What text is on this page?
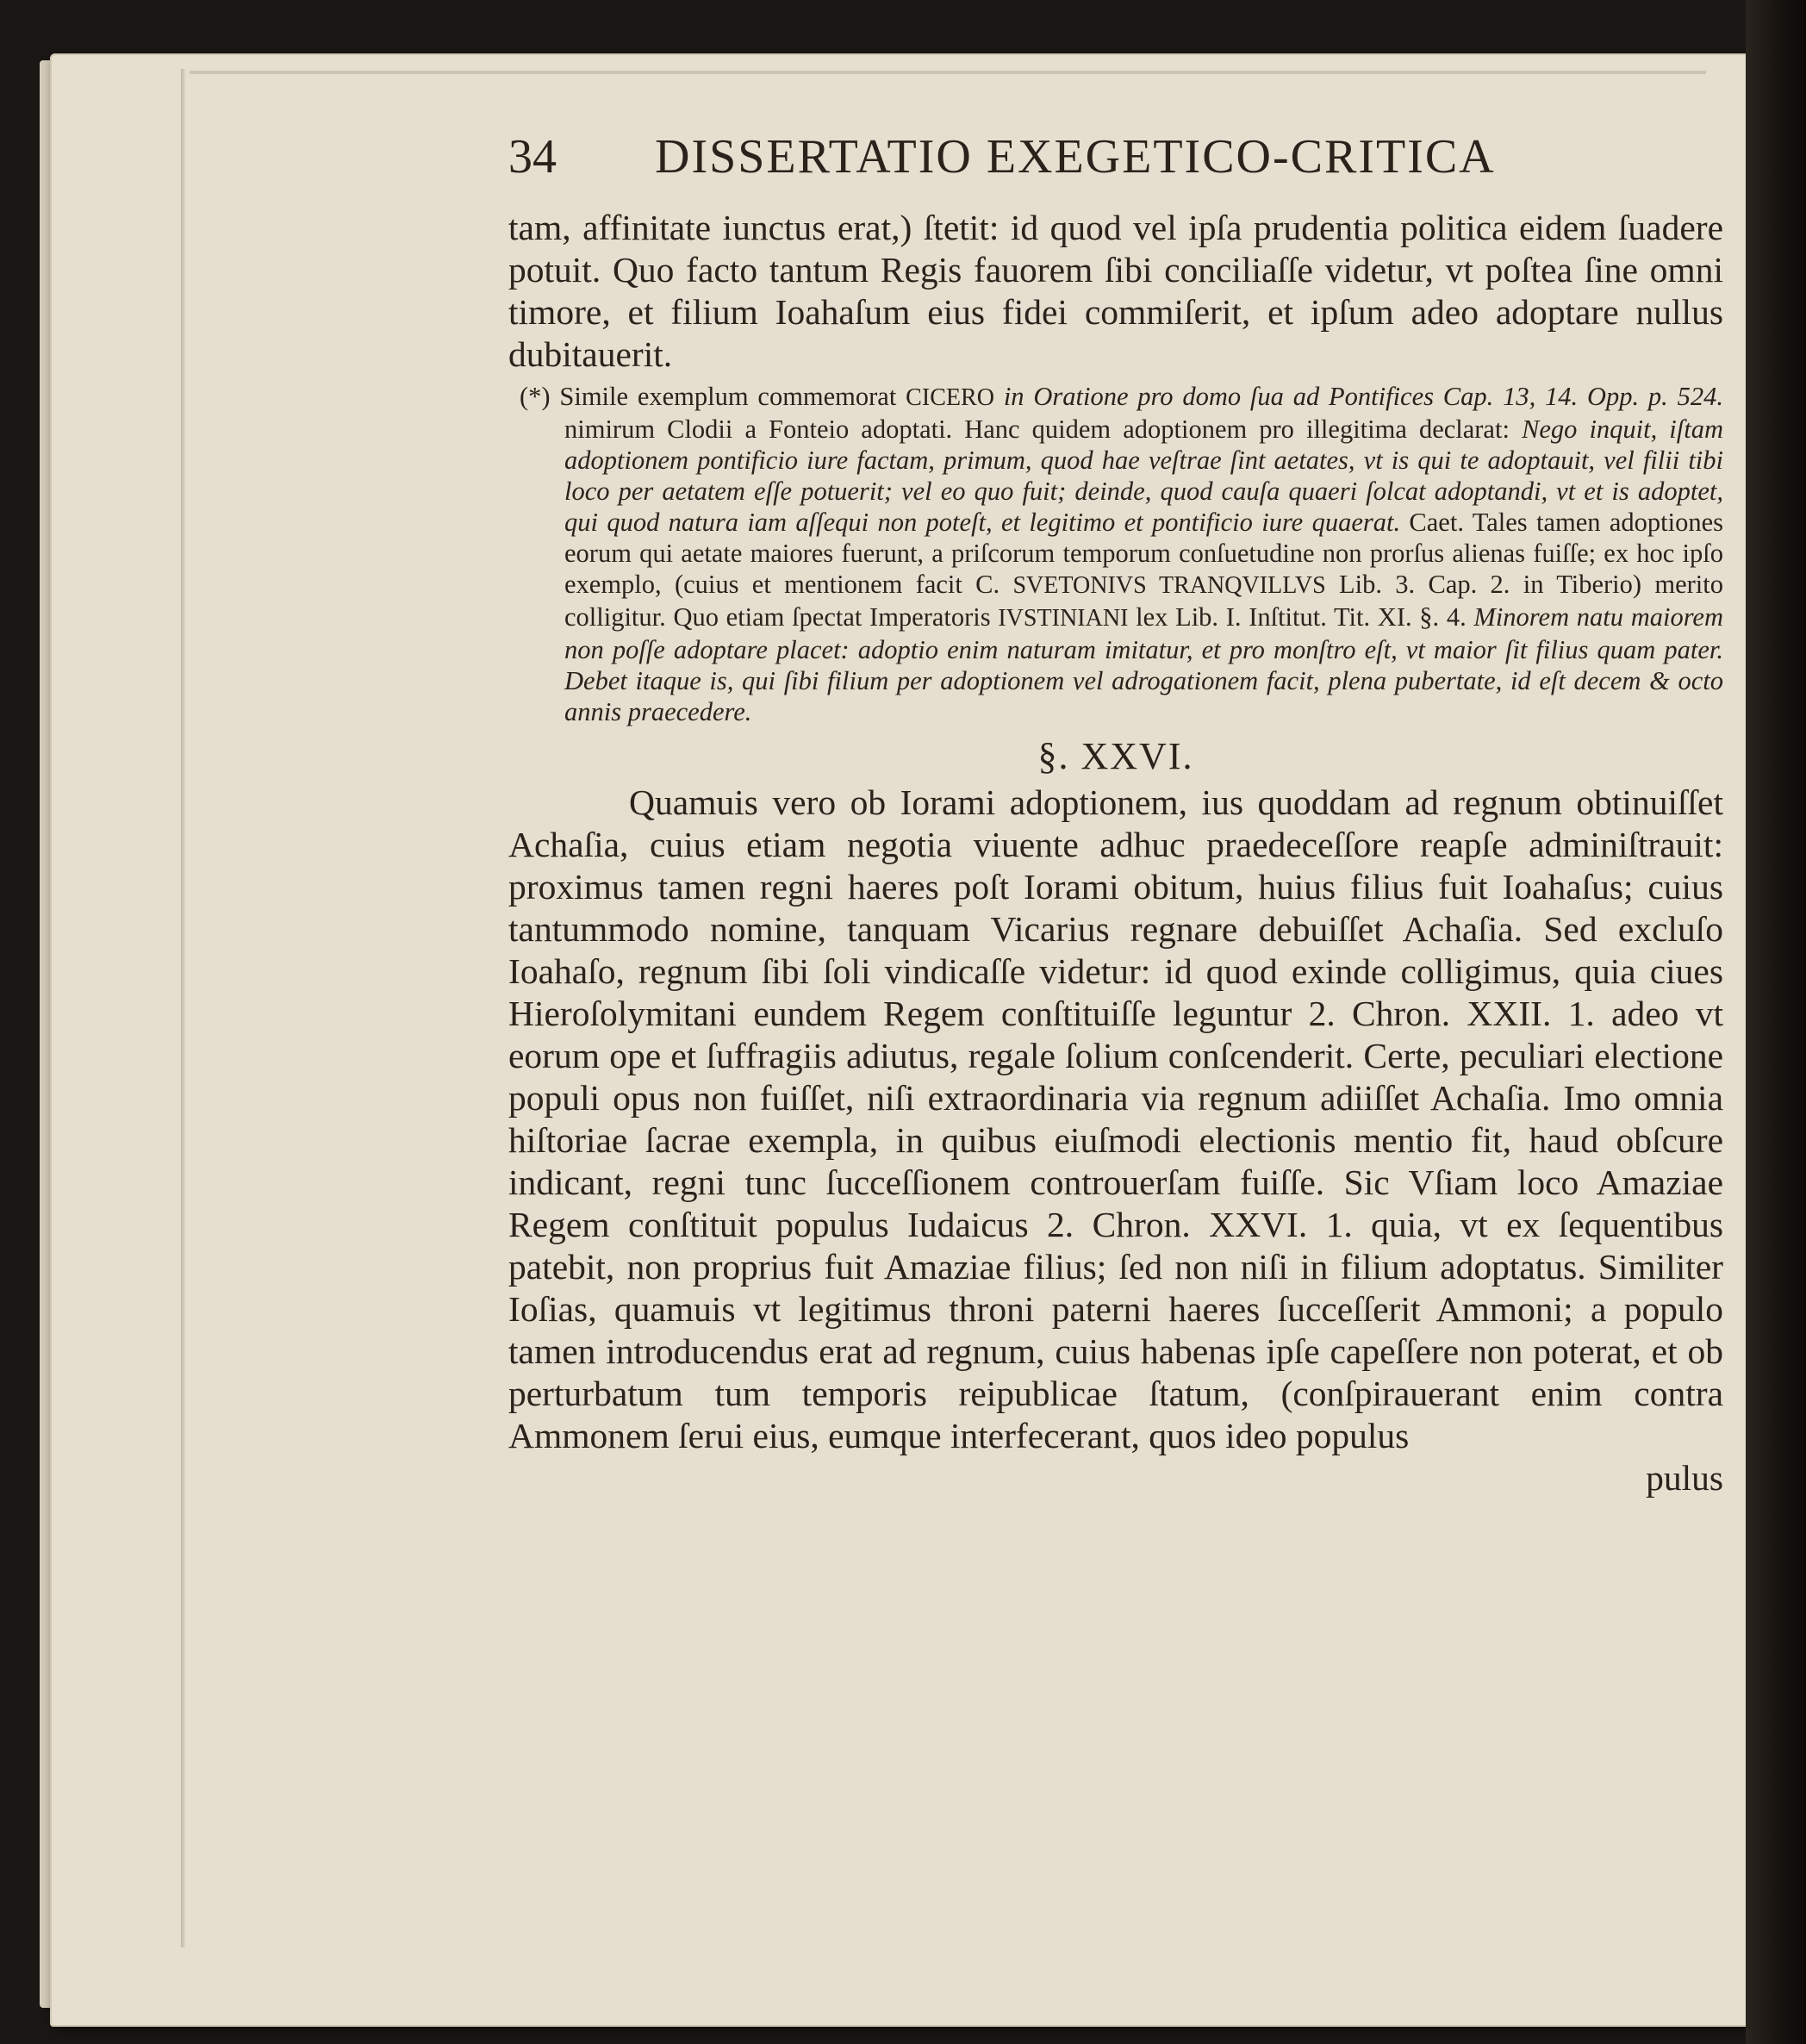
34	DISSERTATIO EXEGETICO-CRITICA

tam, affinitate iunctus erat,) ſtetit: id quod vel ipſa prudentia politica eidem ſuadere potuit. Quo facto tantum Regis fauorem ſibi conciliaſſe videtur, vt poſtea ſine omni timore, et filium Ioahaſum eius fidei commiſerit, et ipſum adeo adoptare nullus dubitauerit.

(*) Simile exemplum commemorat CICERO in Oratione pro domo ſua ad Pontifices Cap. 13, 14. Opp. p. 524. nimirum Clodii a Fonteio adoptati. Hanc quidem adoptionem pro illegitima declarat: Nego inquit, iſtam adoptionem pontificio iure factam, primum, quod hae veſtrae ſint aetates, vt is qui te adoptauit, vel filii tibi loco per aetatem eſſe potuerit; vel eo quo fuit; deinde, quod cauſa quaeri ſolcat adoptandi, vt et is adoptet, qui quod natura iam aſſequi non poteſt, et legitimo et pontificio iure quaerat. Caet. Tales tamen adoptiones eorum qui aetate maiores fuerunt, a priſcorum temporum conſuetudine non prorſus alienas fuiſſe; ex hoc ipſo exemplo, (cuius et mentionem facit C. SVETONIVS TRANQVILLVS Lib. 3. Cap. 2. in Tiberio) merito colligitur. Quo etiam ſpectat Imperatoris IVSTINIANI lex Lib. I. Inſtitut. Tit. XI. §. 4. Minorem natu maiorem non poſſe adoptare placet: adoptio enim naturam imitatur, et pro monſtro eſt, vt maior ſit filius quam pater. Debet itaque is, qui ſibi filium per adoptionem vel adrogationem facit, plena pubertate, id eſt decem & octo annis praecedere.

§. XXVI.

Quamuis vero ob Iorami adoptionem, ius quoddam ad regnum obtinuiſſet Achaſia, cuius etiam negotia viuente adhuc praedeceſſore reapſe adminiſtrauit: proximus tamen regni haeres poſt Iorami obitum, huius filius fuit Ioahaſus; cuius tantummodo nomine, tanquam Vicarius regnare debuiſſet Achaſia. Sed excluſo Ioahaſo, regnum ſibi ſoli vindicaſſe videtur: id quod exinde colligimus, quia ciues Hieroſolymitani eundem Regem conſtituiſſe leguntur 2. Chron. XXII. 1. adeo vt eorum ope et ſuffragiis adiutus, regale ſolium conſcenderit. Certe, peculiari electione populi opus non fuiſſet, niſi extraordinaria via regnum adiiſſet Achaſia. Imo omnia hiſtoriae ſacrae exempla, in quibus eiuſmodi electionis mentio fit, haud obſcure indicant, regni tunc ſucceſſionem controuerſam fuiſſe. Sic Vſiam loco Amaziae Regem conſtituit populus Iudaicus 2. Chron. XXVI. 1. quia, vt ex ſequentibus patebit, non proprius fuit Amaziae filius; ſed non niſi in filium adoptatus. Similiter Ioſias, quamuis vt legitimus throni paterni haeres ſucceſſerit Ammoni; a populo tamen introducendus erat ad regnum, cuius habenas ipſe capeſſere non poterat, et ob perturbatum tum temporis reipublicae ſtatum, (conſpirauerant enim contra Ammonem ſerui eius, eumque interfecerant, quos ideo populus

pulus
